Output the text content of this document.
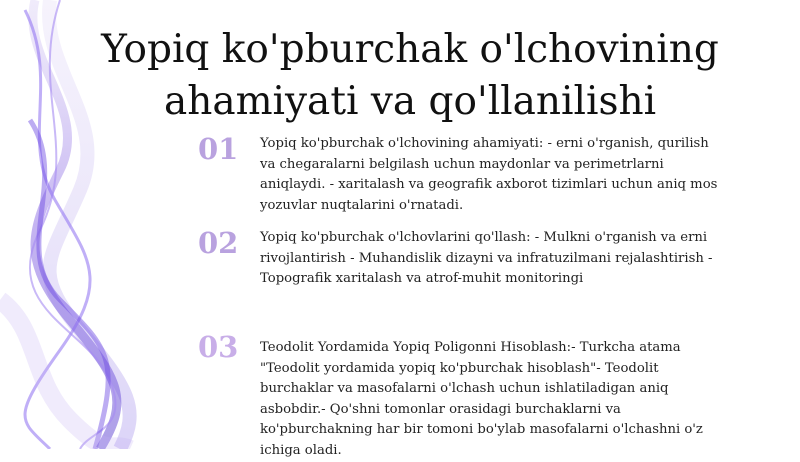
Yopiq ko'pburchak o'lchovining
ahamiyati va qo'llanilishi
01	Yopiq ko'pburchak o'lchovining ahamiyati: - erni o'rganish, qurilish va chegaralarni belgilash uchun maydonlar va perimetrlarni aniqlaydi. - xaritalash va geografik axborot tizimlari uchun aniq mos yozuvlar nuqtalarini o'rnatadi.
02	Yopiq ko'pburchak o'lchovlarini qo'llash: - Mulkni o'rganish va erni rivojlantirish - Muhandislik dizayni va infratuzilmani rejalashtirish - Topografik xaritalash va atrof-muhit monitoringi
03	Teodolit Yordamida Yopiq Poligonni Hisoblash:- Turkcha atama "Teodolit yordamida yopiq ko'pburchak hisoblash"- Teodolit burchaklar va masofalarni o'lchash uchun ishlatiladigan aniq asbobdir.- Qo'shni tomonlar orasidagi burchaklarni va ko'pburchakning har bir tomoni bo'ylab masofalarni o'lchashni o'z ichiga oladi.
